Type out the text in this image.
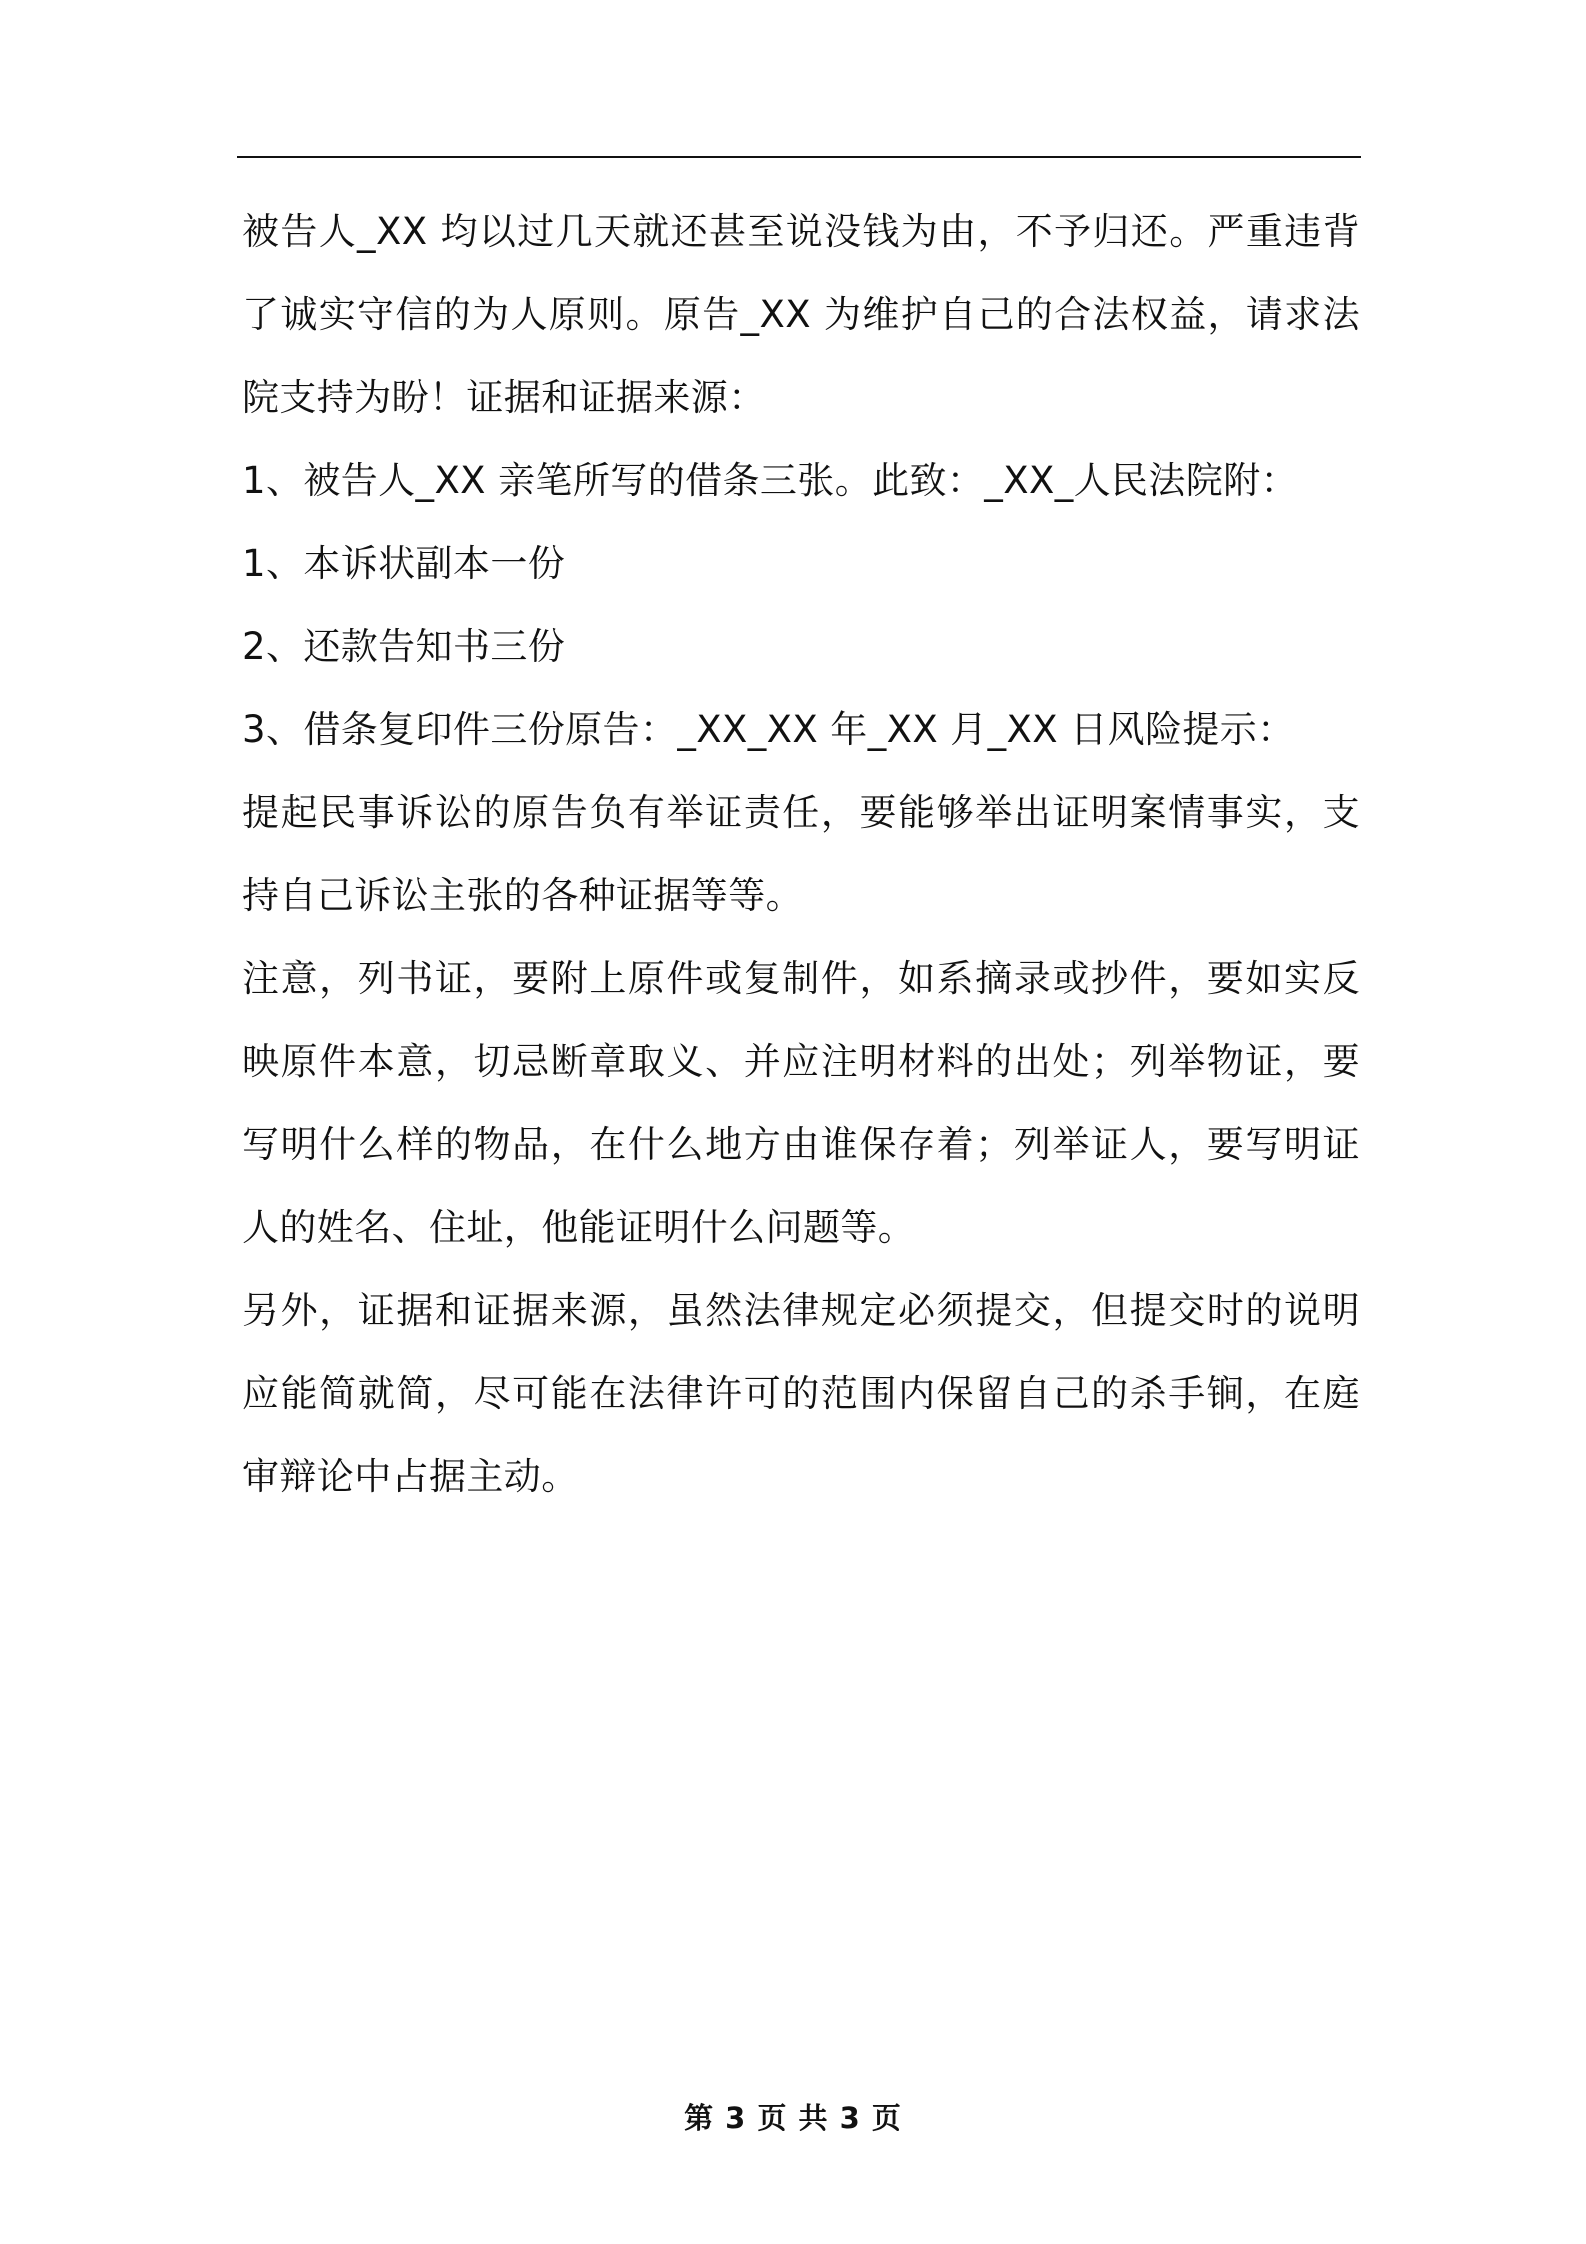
被告人_XX 均以过几天就还甚至说没钱为由，不予归还。严重违背了诚实守信的为人原则。原告_XX 为维护自己的合法权益，请求法院支持为盼！证据和证据来源：

1、被告人_XX 亲笔所写的借条三张。此致：_XX_人民法院附：

1、本诉状副本一份

2、还款告知书三份

3、借条复印件三份原告：_XX_XX 年_XX 月_XX 日风险提示：

提起民事诉讼的原告负有举证责任，要能够举出证明案情事实，支持自己诉讼主张的各种证据等等。

注意，列书证，要附上原件或复制件，如系摘录或抄件，要如实反映原件本意，切忌断章取义、并应注明材料的出处；列举物证，要写明什么样的物品，在什么地方由谁保存着；列举证人，要写明证人的姓名、住址，他能证明什么问题等。

另外，证据和证据来源，虽然法律规定必须提交，但提交时的说明应能简就简，尽可能在法律许可的范围内保留自己的杀手锏，在庭审辩论中占据主动。

第 3 页 共 3 页
